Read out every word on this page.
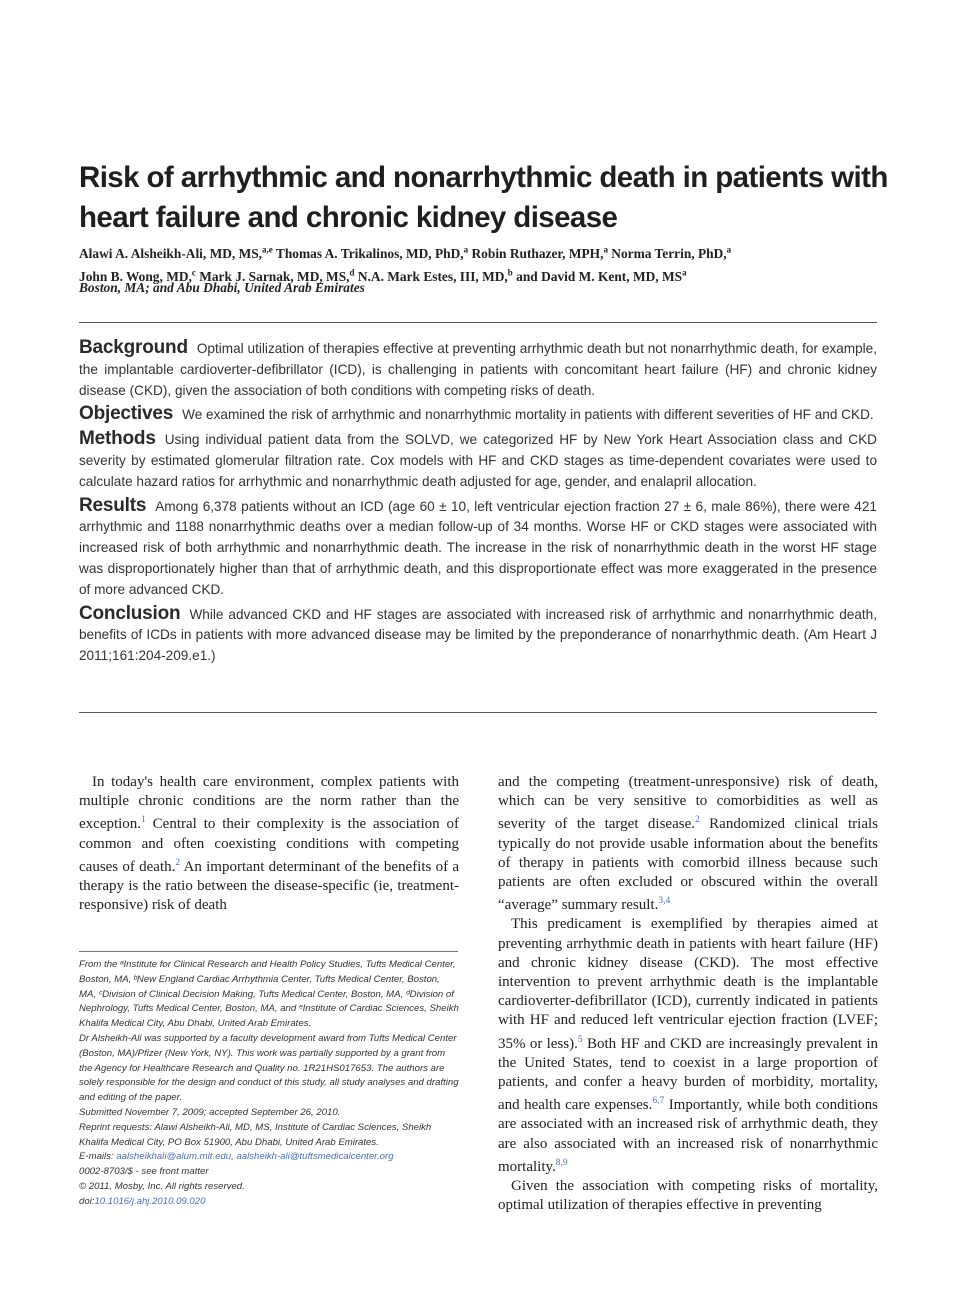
Risk of arrhythmic and nonarrhythmic death in patients with heart failure and chronic kidney disease
Alawi A. Alsheikh-Ali, MD, MS,$^{a,e}$ Thomas A. Trikalinos, MD, PhD,$^a$ Robin Ruthazer, MPH,$^a$ Norma Terrin, PhD,$^a$
John B. Wong, MD,$^c$ Mark J. Sarnak, MD, MS,$^d$ N.A. Mark Estes, III, MD,$^b$ and David M. Kent, MD, $MS^a$
Boston, MA; and Abu Dhabi, United Arab Emirates

Background Optimal utilization of therapies effective at preventing arrhythmic death but not nonarrhythmic death, for example, the implantable cardioverter-defibrillator (ICD), is challenging in patients with concomitant heart failure (HF) and chronic kidney disease (CKD), given the association of both conditions with competing risks of death.

Objectives We examined the risk of arrhythmic and nonarrhythmic mortality in patients with different severities of HF and CKD.

Methods Using individual patient data from the SOLVD, we categorized HF by New York Heart Association class and CKD severity by estimated glomerular filtration rate. Cox models with HF and CKD stages as time-dependent covariates were used to calculate hazard ratios for arrhythmic and nonarrhythmic death adjusted for age, gender, and enalapril allocation.

Results Among 6,378 patients without an ICD (age 60 ± 10, left ventricular ejection fraction 27 ± 6, male 86%), there were 421 arrhythmic and 1188 nonarrhythmic deaths over a median follow-up of 34 months. Worse HF or CKD stages were associated with increased risk of both arrhythmic and nonarrhythmic death. The increase in the risk of nonarrhythmic death in the worst HF stage was disproportionately higher than that of arrhythmic death, and this disproportionate effect was more exaggerated in the presence of more advanced CKD.

Conclusion While advanced CKD and HF stages are associated with increased risk of arrhythmic and nonarrhythmic death, benefits of ICDs in patients with more advanced disease may be limited by the preponderance of nonarrhythmic death. (Am Heart J 2011;161:204-209.e1.)

In today's health care environment, complex patients with multiple chronic conditions are the norm rather than the exception.$^1$ Central to their complexity is the association of common and often coexisting conditions with competing causes of death.$^2$ An important determinant of the benefits of a therapy is the ratio between the disease-specific (ie, treatment-responsive) risk of death

and the competing (treatment-unresponsive) risk of death, which can be very sensitive to comorbidities as well as severity of the target disease.$^2$ Randomized clinical trials typically do not provide usable information about the benefits of therapy in patients with comorbid illness because such patients are often excluded or obscured within the overall “average” summary result.$^{3,4}$

This predicament is exemplified by therapies aimed at preventing arrhythmic death in patients with heart failure (HF) and chronic kidney disease (CKD). The most effective intervention to prevent arrhythmic death is the implantable cardioverter-defibrillator (ICD), currently indicated in patients with HF and reduced left ventricular ejection fraction (LVEF; 35% or less).$^5$ Both HF and CKD are increasingly prevalent in the United States, tend to coexist in a large proportion of patients, and confer a heavy burden of morbidity, mortality, and health care expenses.$^{6,7}$ Importantly, while both conditions are associated with an increased risk of arrhythmic death, they are also associated with an increased risk of nonarrhythmic mortality.$^{8,9}$

Given the association with competing risks of mortality, optimal utilization of therapies effective in preventing

From the ᵃInstitute for Clinical Research and Health Policy Studies, Tufts Medical Center, Boston, MA, ᵇNew England Cardiac Arrhythmia Center, Tufts Medical Center, Boston, MA, ᶜDivision of Clinical Decision Making, Tufts Medical Center, Boston, MA, ᵈDivision of Nephrology, Tufts Medical Center, Boston, MA, and ᵉInstitute of Cardiac Sciences, Sheikh Khalifa Medical City, Abu Dhabi, United Arab Emirates.
Dr Alsheikh-Ali was supported by a faculty development award from Tufts Medical Center (Boston, MA)/Pfizer (New York, NY). This work was partially supported by a grant from the Agency for Healthcare Research and Quality no. 1R21HS017653. The authors are solely responsible for the design and conduct of this study, all study analyses and drafting and editing of the paper.
Submitted November 7, 2009; accepted September 26, 2010.
Reprint requests: Alawi Alsheikh-Ali, MD, MS, Institute of Cardiac Sciences, Sheikh Khalifa Medical City, PO Box 51900, Abu Dhabi, United Arab Emirates.
E-mails: aalsheikhali@alum.mit.edu, aalsheikh-ali@tuftsmedicalcenter.org
0002-8703/$ - see front matter
© 2011, Mosby, Inc. All rights reserved.
doi:10.1016/j.ahj.2010.09.020
